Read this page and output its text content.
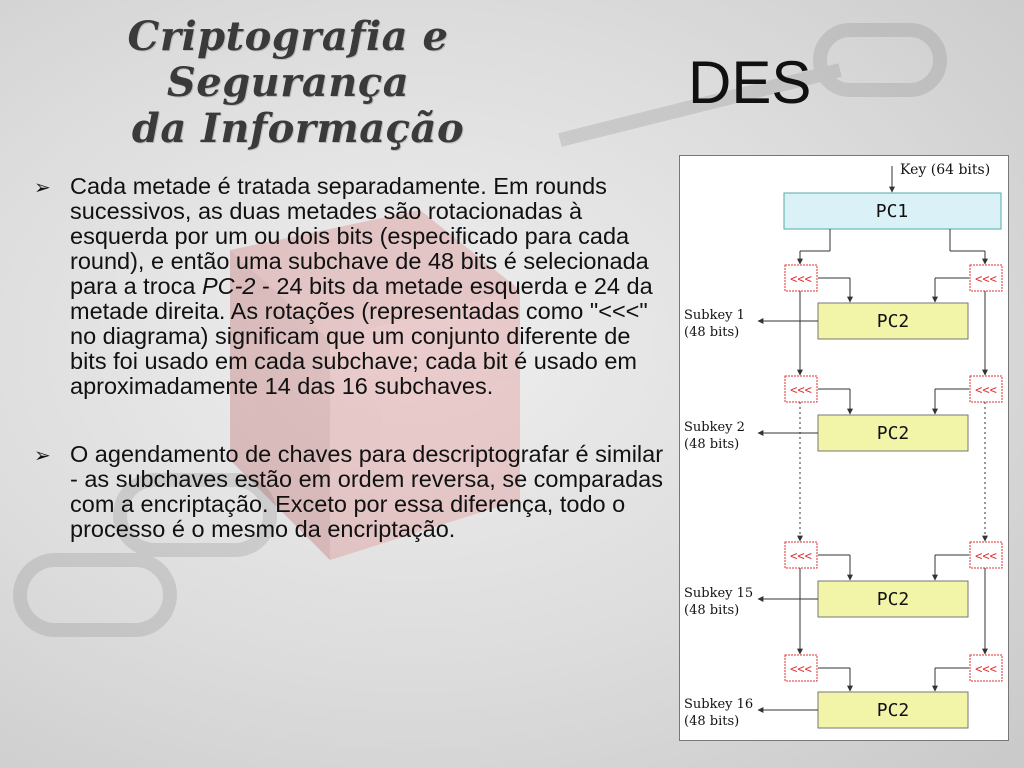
Criptografia e Segurança
da Informação
DES
➢ Cada metade é tratada separadamente. Em rounds sucessivos, as duas metades são rotacionadas à esquerda por um ou dois bits (especificado para cada round), e então uma subchave de 48 bits é selecionada para a troca PC-2 - 24 bits da metade esquerda e 24 da metade direita. As rotações (representadas como "<<<" no diagrama) significam que um conjunto diferente de bits foi usado em cada subchave; cada bit é usado em aproximadamente 14 das 16 subchaves.
➢ O agendamento de chaves para descriptografar é similar - as subchaves estão em ordem reversa, se comparadas com a encriptação. Exceto por essa diferença, todo o processo é o mesmo da encriptação.
Key (64 bits)
PC1
<<<	<<<
PC2
Subkey 1
(48 bits)
<<<	<<<
PC2
Subkey 2
(48 bits)
<<<	<<<
PC2
Subkey 15
(48 bits)
<<<	<<<
PC2
Subkey 16
(48 bits)
